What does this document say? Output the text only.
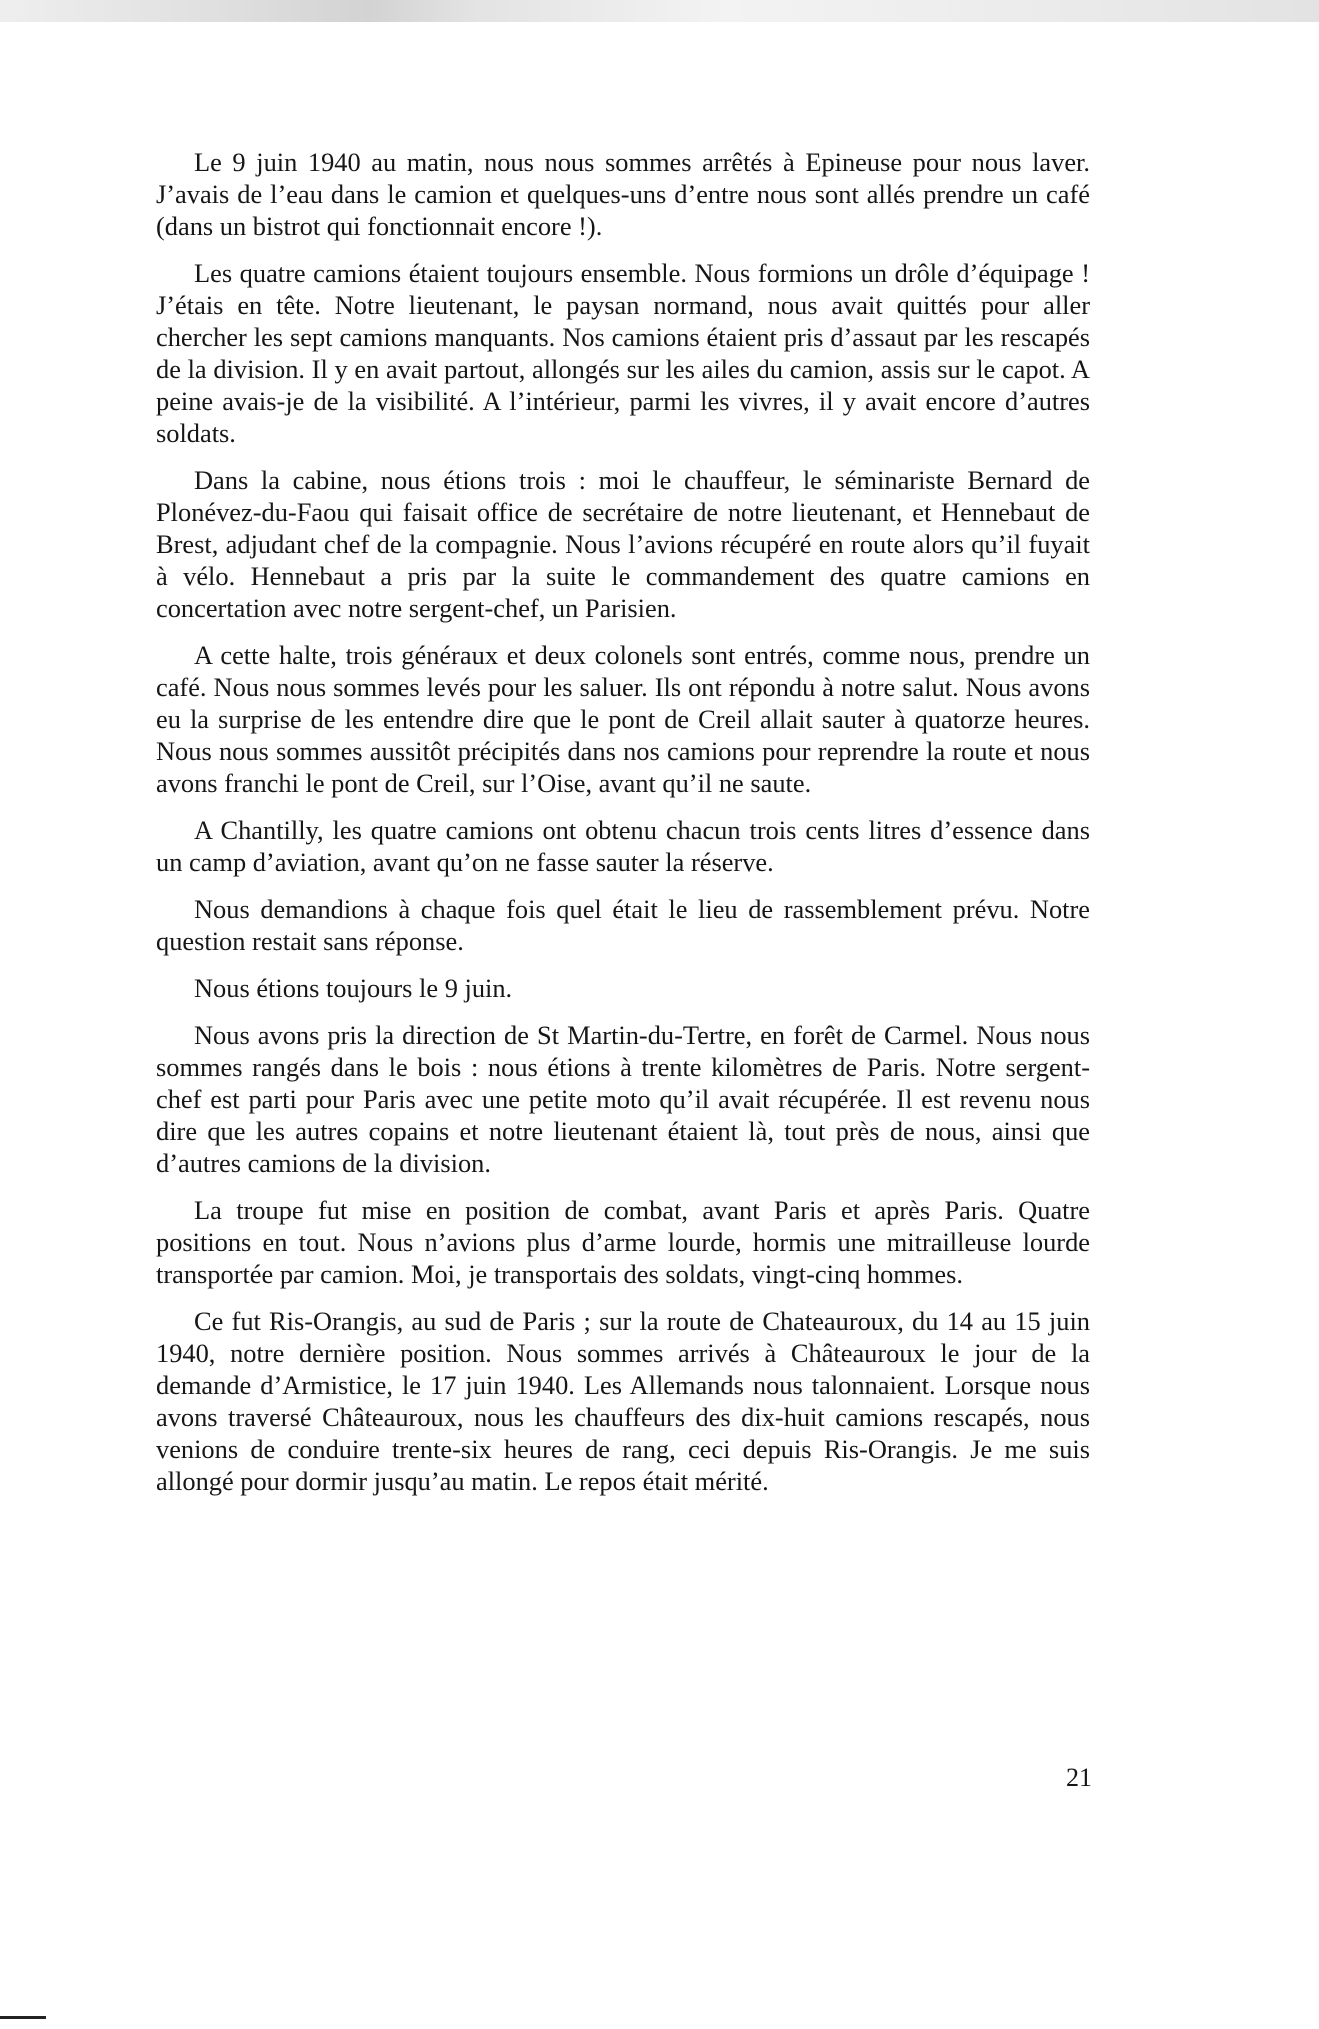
Le 9 juin 1940 au matin, nous nous sommes arrêtés à Epineuse pour nous laver. J’avais de l’eau dans le camion et quelques-uns d’entre nous sont allés prendre un café (dans un bistrot qui fonctionnait encore !).

Les quatre camions étaient toujours ensemble. Nous formions un drôle d’équipage ! J’étais en tête. Notre lieutenant, le paysan normand, nous avait quittés pour aller chercher les sept camions manquants. Nos camions étaient pris d’assaut par les rescapés de la division. Il y en avait partout, allongés sur les ailes du camion, assis sur le capot. A peine avais-je de la visibilité. A l’intérieur, parmi les vivres, il y avait encore d’autres soldats.

Dans la cabine, nous étions trois : moi le chauffeur, le séminariste Bernard de Plonévez-du-Faou qui faisait office de secrétaire de notre lieutenant, et Hennebaut de Brest, adjudant chef de la compagnie. Nous l’avions récupéré en route alors qu’il fuyait à vélo. Hennebaut a pris par la suite le commandement des quatre camions en concertation avec notre sergent-chef, un Parisien.

A cette halte, trois généraux et deux colonels sont entrés, comme nous, prendre un café. Nous nous sommes levés pour les saluer. Ils ont répondu à notre salut. Nous avons eu la surprise de les entendre dire que le pont de Creil allait sauter à quatorze heures. Nous nous sommes aussitôt précipités dans nos camions pour reprendre la route et nous avons franchi le pont de Creil, sur l’Oise, avant qu’il ne saute.

A Chantilly, les quatre camions ont obtenu chacun trois cents litres d’essence dans un camp d’aviation, avant qu’on ne fasse sauter la réserve.

Nous demandions à chaque fois quel était le lieu de rassemblement prévu. Notre question restait sans réponse.

Nous étions toujours le 9 juin.

Nous avons pris la direction de St Martin-du-Tertre, en forêt de Carmel. Nous nous sommes rangés dans le bois : nous étions à trente kilomètres de Paris. Notre sergent-chef est parti pour Paris avec une petite moto qu’il avait récupérée. Il est revenu nous dire que les autres copains et notre lieutenant étaient là, tout près de nous, ainsi que d’autres camions de la division.

La troupe fut mise en position de combat, avant Paris et après Paris. Quatre positions en tout. Nous n’avions plus d’arme lourde, hormis une mitrailleuse lourde transportée par camion. Moi, je transportais des soldats, vingt-cinq hommes.

Ce fut Ris-Orangis, au sud de Paris ; sur la route de Chateauroux, du 14 au 15 juin 1940, notre dernière position. Nous sommes arrivés à Châteauroux le jour de la demande d’Armistice, le 17 juin 1940. Les Allemands nous talonnaient. Lorsque nous avons traversé Châteauroux, nous les chauffeurs des dix-huit camions rescapés, nous venions de conduire trente-six heures de rang, ceci depuis Ris-Orangis. Je me suis allongé pour dormir jusqu’au matin. Le repos était mérité.

21
